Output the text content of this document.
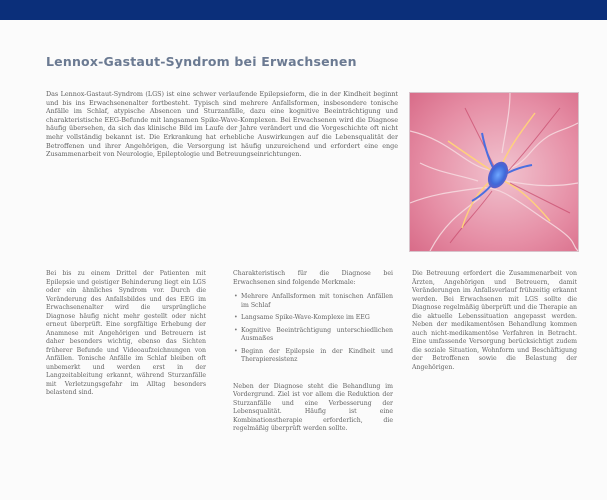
Lennox-Gastaut-Syndrom bei Erwachsenen
Das Lennox-Gastaut-Syndrom (LGS) ist eine schwer verlaufende Epilepsieform, die in der Kindheit beginnt und bis ins Erwachsenenalter fortbesteht. Typisch sind mehrere Anfallsformen, insbesondere tonische Anfälle im Schlaf, atypische Absencen und Sturzanfälle, dazu eine kognitive Beeinträchtigung und charakteristische EEG-Befunde mit langsamen Spike-Wave-Komplexen. Bei Erwachsenen wird die Diagnose häufig übersehen, da sich das klinische Bild im Laufe der Jahre verändert und die Vorgeschichte oft nicht mehr vollständig bekannt ist. Die Erkrankung hat erhebliche Auswirkungen auf die Lebensqualität der Betroffenen und ihrer Angehörigen, die Versorgung ist häufig unzureichend und erfordert eine enge Zusammenarbeit von Neurologie, Epileptologie und Betreuungseinrichtungen.

Bei bis zu einem Drittel der Patienten mit Epilepsie und geistiger Behinderung liegt ein LGS oder ein ähnliches Syndrom vor. Durch die Veränderung des Anfallsbildes und des EEG im Erwachsenenalter wird die ursprüngliche Diagnose häufig nicht mehr gestellt oder nicht erneut überprüft. Eine sorgfältige Erhebung der Anamnese mit Angehörigen und Betreuern ist daher besonders wichtig, ebenso das Sichten früherer Befunde und Videoaufzeichnungen von Anfällen. Tonische Anfälle im Schlaf bleiben oft unbemerkt und werden erst in der Langzeitableitung erkannt, während Sturzanfälle mit Verletzungsgefahr im Alltag besonders belastend sind.

Charakteristisch für die Diagnose bei Erwachsenen sind folgende Merkmale:

• Mehrere Anfallsformen mit tonischen Anfällen im Schlaf
• Langsame Spike-Wave-Komplexe im EEG
• Kognitive Beeinträchtigung unterschiedlichen Ausmaßes
• Beginn der Epilepsie in der Kindheit und Therapieresistenz

Neben der Diagnose steht die Behandlung im Vordergrund. Ziel ist vor allem die Reduktion der Sturzanfälle und eine Verbesserung der Lebensqualität. Häufig ist eine Kombinationstherapie erforderlich, die regelmäßig überprüft werden sollte.

Die Betreuung erfordert die Zusammenarbeit von Ärzten, Angehörigen und Betreuern, damit Veränderungen im Anfallsverlauf frühzeitig erkannt werden. Bei Erwachsenen mit LGS sollte die Diagnose regelmäßig überprüft und die Therapie an die aktuelle Lebenssituation angepasst werden. Neben der medikamentösen Behandlung kommen auch nicht-medikamentöse Verfahren in Betracht. Eine umfassende Versorgung berücksichtigt zudem die soziale Situation, Wohnform und Beschäftigung der Betroffenen sowie die Belastung der Angehörigen.
